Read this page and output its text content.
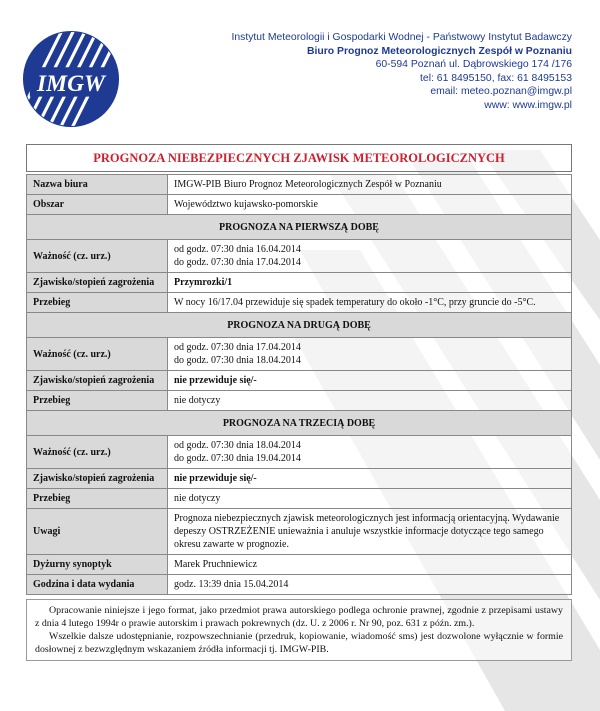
IMGW
Instytut Meteorologii i Gospodarki Wodnej - Państwowy Instytut Badawczy
Biuro Prognoz Meteorologicznych Zespół w Poznaniu
60-594 Poznań ul. Dąbrowskiego 174 /176
tel: 61 8495150, fax: 61 8495153
email: meteo.poznan@imgw.pl
www: www.imgw.pl
PROGNOZA NIEBEZPIECZNYCH ZJAWISK METEOROLOGICZNYCH
Nazwa biura	IMGW-PIB Biuro Prognoz Meteorologicznych Zespół w Poznaniu
Obszar	Województwo kujawsko-pomorskie
PROGNOZA NA PIERWSZĄ DOBĘ	
Ważność (cz. urz.)	od godz. 07:30 dnia 16.04.2014
do godz. 07:30 dnia 17.04.2014

Zjawisko/stopień zagrożenia	Przymrozki/1
Przebieg	W nocy 16/17.04 przewiduje się spadek temperatury do około -1°C, przy gruncie do -5°C.
PROGNOZA NA DRUGĄ DOBĘ	
Ważność (cz. urz.)	od godz. 07:30 dnia 17.04.2014
do godz. 07:30 dnia 18.04.2014

Zjawisko/stopień zagrożenia	nie przewiduje się/-
Przebieg	nie dotyczy
PROGNOZA NA TRZECIĄ DOBĘ	
Ważność (cz. urz.)	od godz. 07:30 dnia 18.04.2014
do godz. 07:30 dnia 19.04.2014

Zjawisko/stopień zagrożenia	nie przewiduje się/-
Przebieg	nie dotyczy
Uwagi	Prognoza niebezpiecznych zjawisk meteorologicznych jest informacją orientacyjną. Wydawanie depeszy OSTRZEŻENIE unieważnia i anuluje wszystkie informacje dotyczące tego samego okresu zawarte w prognozie.
Dyżurny synoptyk	Marek Pruchniewicz
Godzina i data wydania	godz. 13:39 dnia 15.04.2014

Opracowanie niniejsze i jego format, jako przedmiot prawa autorskiego podlega ochronie prawnej, zgodnie z przepisami ustawy z dnia 4 lutego 1994r o prawie autorskim i prawach pokrewnych (dz. U. z 2006 r. Nr 90, poz. 631 z późn. zm.).

Wszelkie dalsze udostępnianie, rozpowszechnianie (przedruk, kopiowanie, wiadomość sms) jest dozwolone wyłącznie w formie dosłownej z bezwzględnym wskazaniem źródła informacji tj. IMGW-PIB.
